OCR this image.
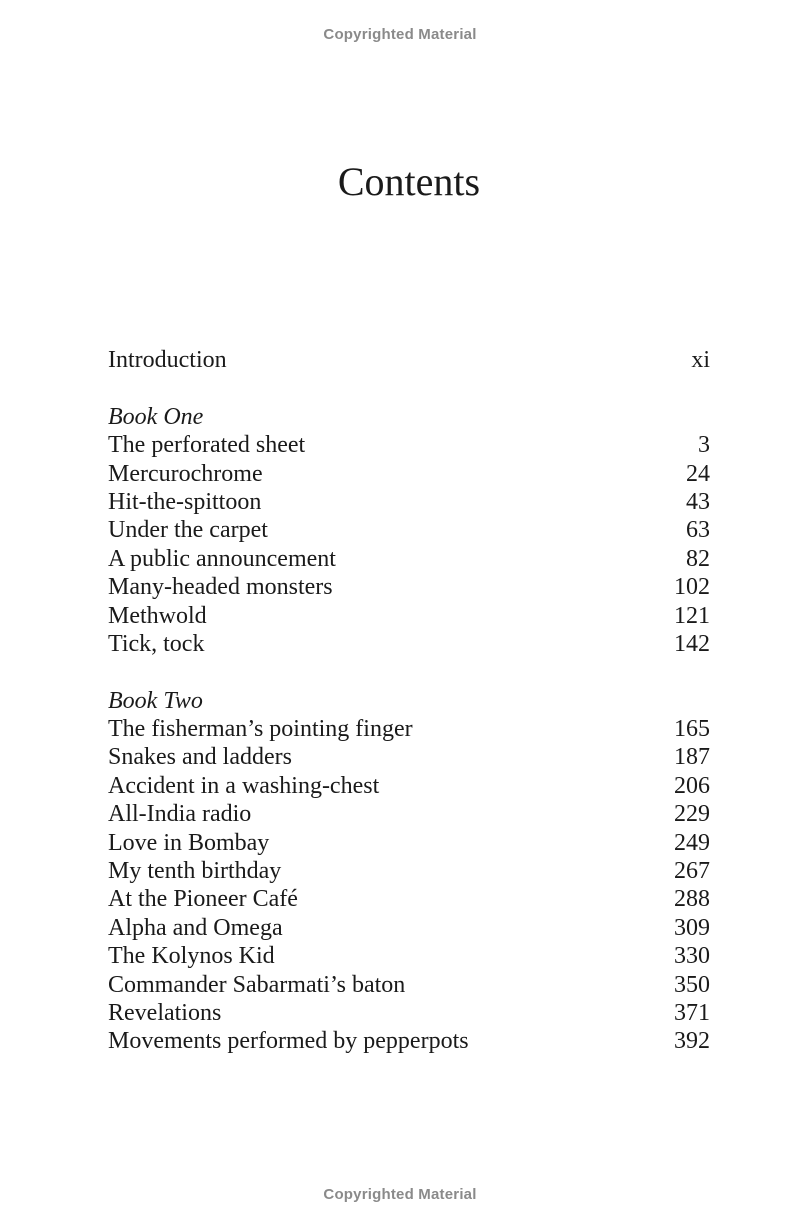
Copyrighted Material
Contents
Introduction	xi
Book One
The perforated sheet	3
Mercurochrome	24
Hit-the-spittoon	43
Under the carpet	63
A public announcement	82
Many-headed monsters	102
Methwold	121
Tick, tock	142
Book Two
The fisherman’s pointing finger	165
Snakes and ladders	187
Accident in a washing-chest	206
All-India radio	229
Love in Bombay	249
My tenth birthday	267
At the Pioneer Café	288
Alpha and Omega	309
The Kolynos Kid	330
Commander Sabarmati’s baton	350
Revelations	371
Movements performed by pepperpots	392
Copyrighted Material
